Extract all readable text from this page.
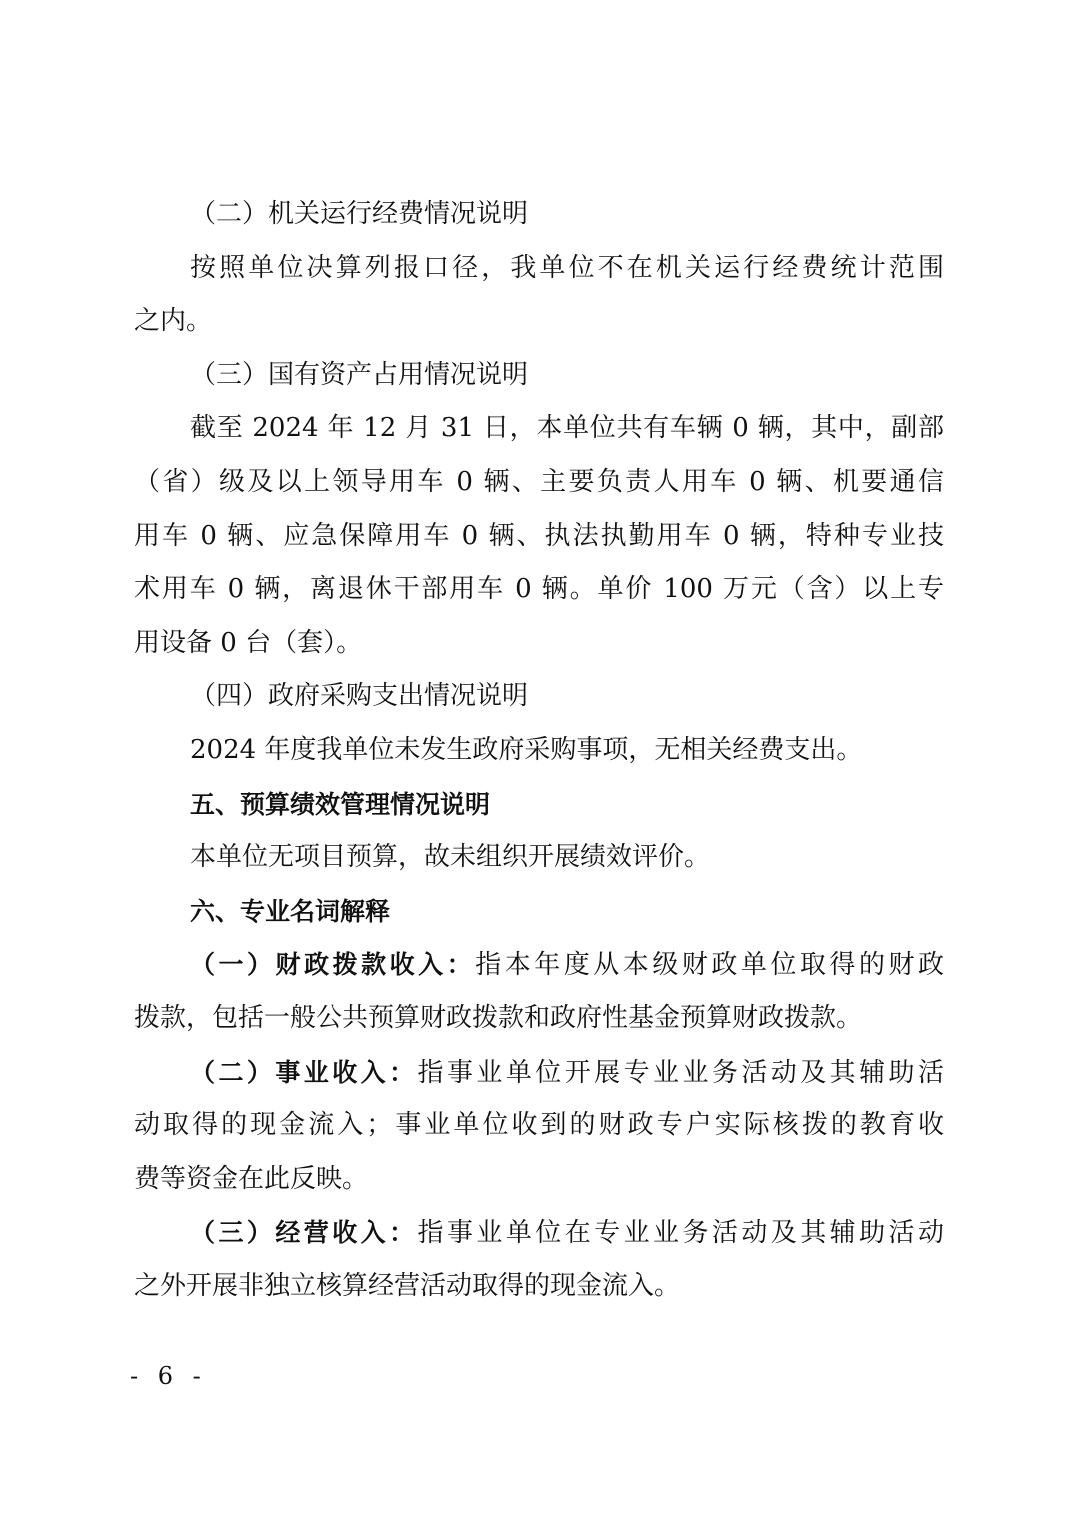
（二）机关运行经费情况说明
按照单位决算列报口径，我单位不在机关运行经费统计范围
之内。
（三）国有资产占用情况说明
截至 2024 年 12 月 31 日，本单位共有车辆 0 辆，其中，副部
（省）级及以上领导用车 0 辆、主要负责人用车 0 辆、机要通信
用车 0 辆、应急保障用车 0 辆、执法执勤用车 0 辆，特种专业技
术用车 0 辆，离退休干部用车 0 辆。单价 100 万元（含）以上专
用设备 0 台（套）。
（四）政府采购支出情况说明
2024 年度我单位未发生政府采购事项，无相关经费支出。
五、预算绩效管理情况说明
本单位无项目预算，故未组织开展绩效评价。
六、专业名词解释
（一）财政拨款收入：指本年度从本级财政单位取得的财政
拨款，包括一般公共预算财政拨款和政府性基金预算财政拨款。
（二）事业收入：指事业单位开展专业业务活动及其辅助活
动取得的现金流入；事业单位收到的财政专户实际核拨的教育收
费等资金在此反映。
（三）经营收入：指事业单位在专业业务活动及其辅助活动
之外开展非独立核算经营活动取得的现金流入。
- 6 -
